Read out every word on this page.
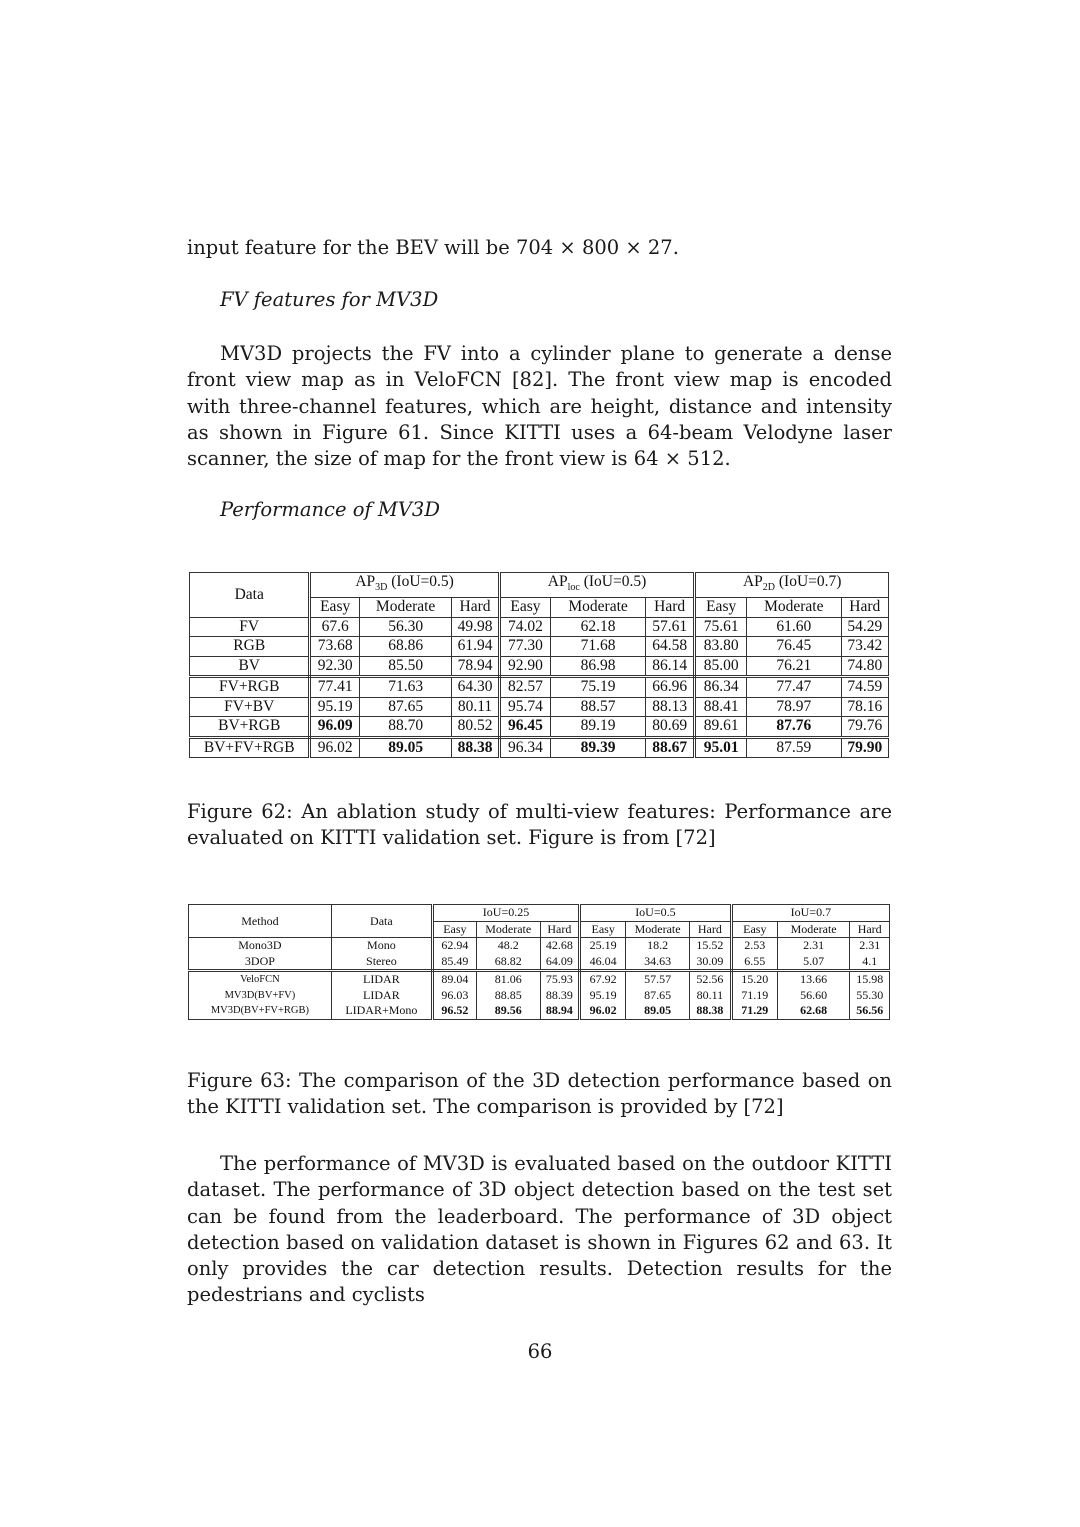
input feature for the BEV will be 704 × 800 × 27.
FV features for MV3D
MV3D projects the FV into a cylinder plane to generate a dense front view map as in VeloFCN [82]. The front view map is encoded with three-channel features, which are height, distance and intensity as shown in Figure 61. Since KITTI uses a 64-beam Velodyne laser scanner, the size of map for the front view is 64 × 512.
Performance of MV3D
Data	$AP_{3D}$ (IoU=0.5)			$AP_{loc}$ (IoU=0.5)			$AP_{2D}$ (IoU=0.7)		
	Easy	Moderate	Hard	Easy	Moderate	Hard	Easy	Moderate	Hard
FV	67.6	56.30	49.98	74.02	62.18	57.61	75.61	61.60	54.29
RGB	73.68	68.86	61.94	77.30	71.68	64.58	83.80	76.45	73.42
BV	92.30	85.50	78.94	92.90	86.98	86.14	85.00	76.21	74.80
FV+RGB	77.41	71.63	64.30	82.57	75.19	66.96	86.34	77.47	74.59
FV+BV	95.19	87.65	80.11	95.74	88.57	88.13	88.41	78.97	78.16
BV+RGB	96.09	88.70	80.52	96.45	89.19	80.69	89.61	87.76	79.76
BV+FV+RGB	96.02	89.05	88.38	96.34	89.39	88.67	95.01	87.59	79.90
Figure 62: An ablation study of multi-view features: Performance are evaluated on KITTI validation set. Figure is from [72]
Method	Data	IoU=0.25			IoU=0.5			IoU=0.7		
		Easy	Moderate	Hard	Easy	Moderate	Hard	Easy	Moderate	Hard
Mono3D	Mono	62.94	48.2	42.68	25.19	18.2	15.52	2.53	2.31	2.31
3DOP	Stereo	85.49	68.82	64.09	46.04	34.63	30.09	6.55	5.07	4.1
VeloFCN	LIDAR	89.04	81.06	75.93	67.92	57.57	52.56	15.20	13.66	15.98
MV3D(BV+FV)	LIDAR	96.03	88.85	88.39	95.19	87.65	80.11	71.19	56.60	55.30
MV3D(BV+FV+RGB)	LIDAR+Mono	96.52	89.56	88.94	96.02	89.05	88.38	71.29	62.68	56.56
Figure 63: The comparison of the 3D detection performance based on the KITTI validation set. The comparison is provided by [72]
The performance of MV3D is evaluated based on the outdoor KITTI dataset. The performance of 3D object detection based on the test set can be found from the leaderboard. The performance of 3D object detection based on validation dataset is shown in Figures 62 and 63. It only provides the car detection results. Detection results for the pedestrians and cyclists
66
